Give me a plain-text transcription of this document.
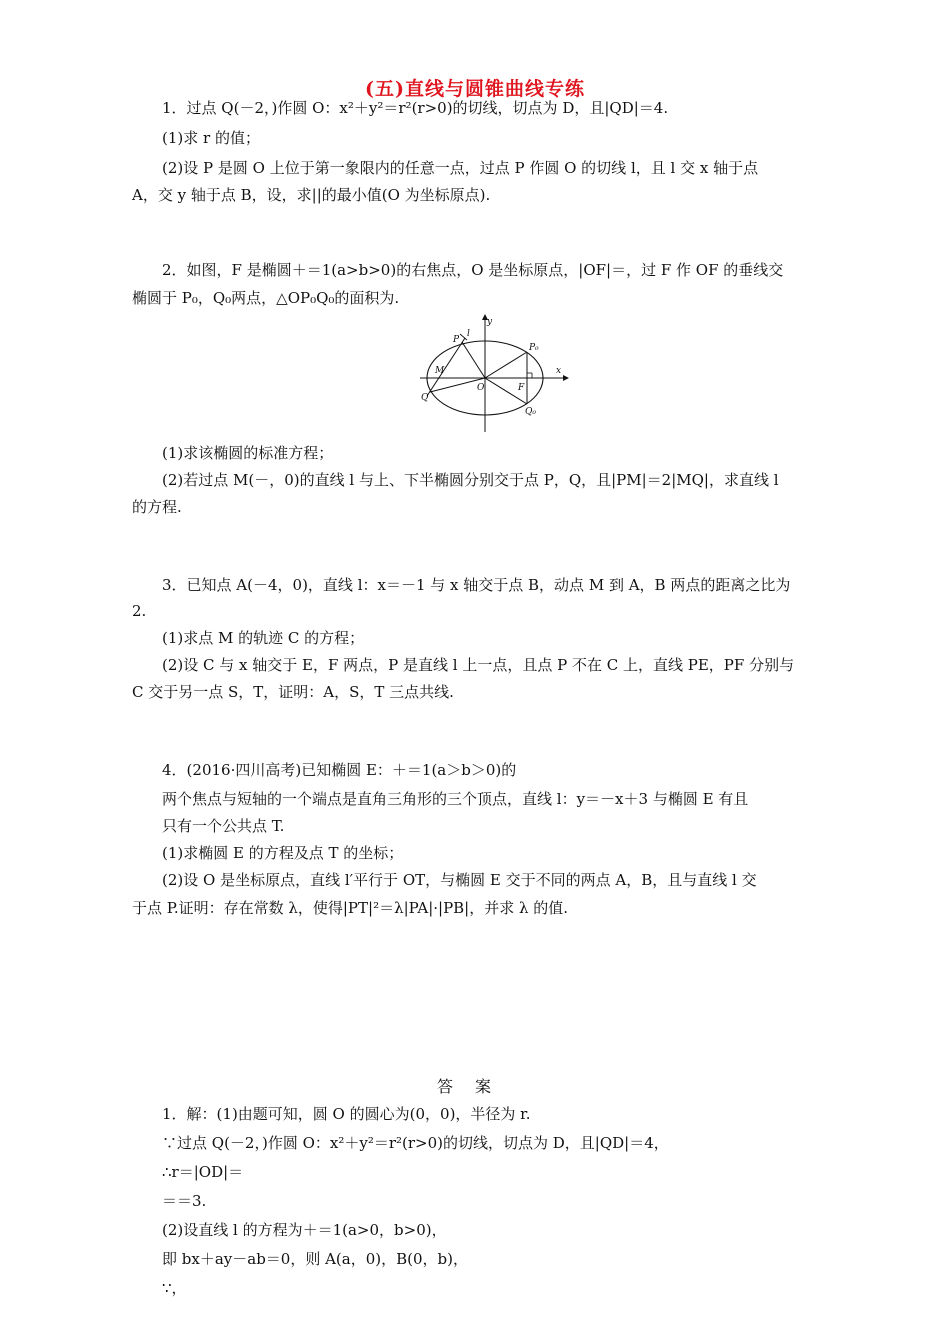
(五)直线与圆锥曲线专练
1．过点 Q(－2，)作圆 O：x²＋y²＝r²(r>0)的切线，切点为 D，且|QD|＝4.
(1)求 r 的值；
(2)设 P 是圆 O 上位于第一象限内的任意一点，过点 P 作圆 O 的切线 l，且 l 交 x 轴于点
A，交 y 轴于点 B，设，求||的最小值(O 为坐标原点).
2．如图，F 是椭圆＋＝1(a>b>0)的右焦点，O 是坐标原点，|OF|＝，过 F 作 OF 的垂线交
椭圆于 P₀，Q₀两点，△OP₀Q₀的面积为.
y
x
P
l
P₀
M
O	F
Q
Q₀
(1)求该椭圆的标准方程；
(2)若过点 M(－，0)的直线 l 与上、下半椭圆分别交于点 P，Q，且|PM|＝2|MQ|，求直线 l
的方程.
3．已知点 A(－4，0)，直线 l：x＝－1 与 x 轴交于点 B，动点 M 到 A，B 两点的距离之比为
2.
(1)求点 M 的轨迹 C 的方程；
(2)设 C 与 x 轴交于 E，F 两点，P 是直线 l 上一点，且点 P 不在 C 上，直线 PE，PF 分别与
C 交于另一点 S，T，证明：A，S，T 三点共线.
4．(2016·四川高考)已知椭圆 E：＋＝1(a＞b＞0)的
两个焦点与短轴的一个端点是直角三角形的三个顶点，直线 l：y＝－x＋3 与椭圆 E 有且
只有一个公共点 T.
(1)求椭圆 E 的方程及点 T 的坐标；
(2)设 O 是坐标原点，直线 l′平行于 OT，与椭圆 E 交于不同的两点 A，B，且与直线 l 交
于点 P.证明：存在常数 λ，使得|PT|²＝λ|PA|·|PB|，并求 λ 的值.
答案
1．解：(1)由题可知，圆 O 的圆心为(0，0)，半径为 r.
∵过点 Q(－2，)作圆 O：x²＋y²＝r²(r>0)的切线，切点为 D，且|QD|＝4，
∴r＝|OD|＝
＝＝3.
(2)设直线 l 的方程为＋＝1(a>0，b>0)，
即 bx＋ay－ab＝0，则 A(a，0)，B(0，b)，
∵，
